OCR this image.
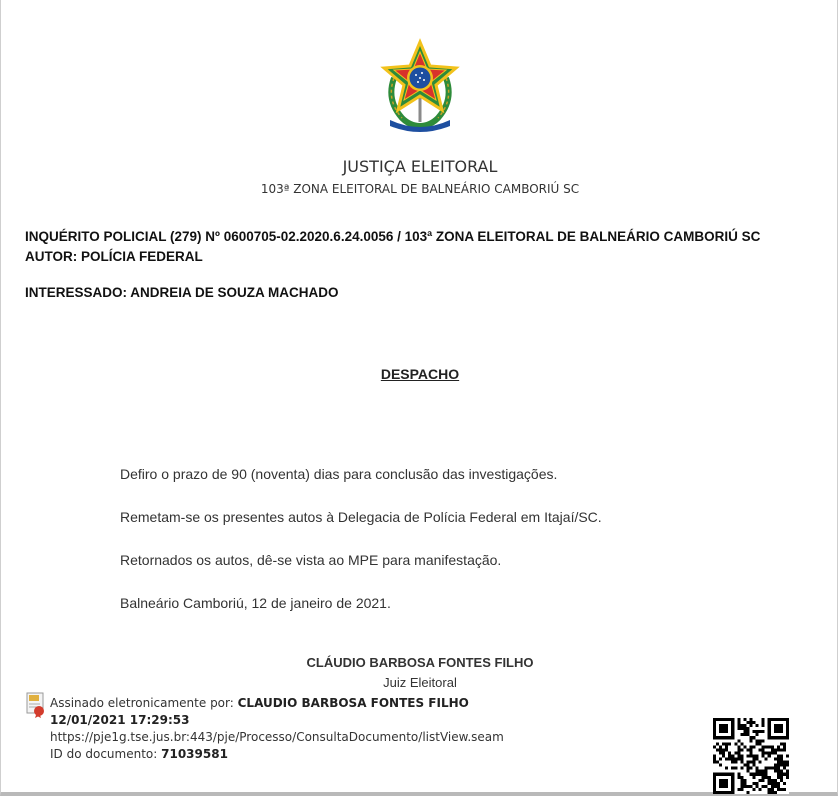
JUSTIÇA ELEITORAL
103ª ZONA ELEITORAL DE BALNEÁRIO CAMBORIÚ SC
INQUÉRITO POLICIAL (279) Nº 0600705-02.2020.6.24.0056 / 103ª ZONA ELEITORAL DE BALNEÁRIO CAMBORIÚ SC
AUTOR: POLÍCIA FEDERAL
INTERESSADO: ANDREIA DE SOUZA MACHADO
DESPACHO
Defiro o prazo de 90 (noventa) dias para conclusão das investigações.
Remetam-se os presentes autos à Delegacia de Polícia Federal em Itajaí/SC.
Retornados os autos, dê-se vista ao MPE para manifestação.
Balneário Camboriú, 12 de janeiro de 2021.
CLÁUDIO BARBOSA FONTES FILHO
Juiz Eleitoral
Assinado eletronicamente por: CLAUDIO BARBOSA FONTES FILHO
12/01/2021 17:29:53
https://pje1g.tse.jus.br:443/pje/Processo/ConsultaDocumento/listView.seam
ID do documento: 71039581
